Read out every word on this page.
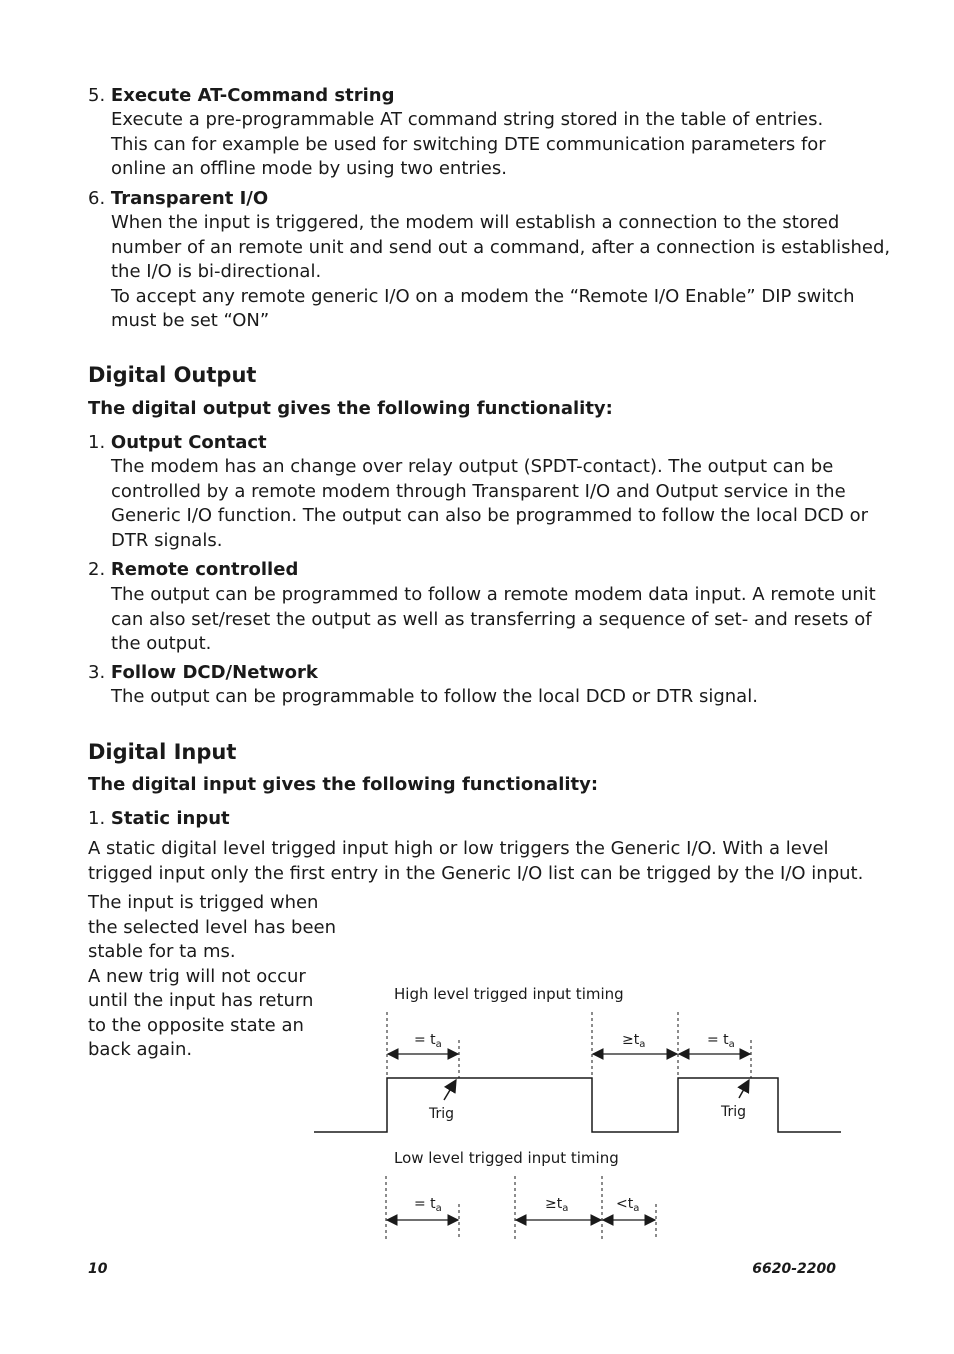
5. Execute AT-Command string
Execute a pre-programmable AT command string stored in the table of entries.
This can for example be used for switching DTE communication parameters for
online an offline mode by using two entries.
6. Transparent I/O
When the input is triggered, the modem will establish a connection to the stored
number of an remote unit and send out a command, after a connection is established,
the I/O is bi-directional.
To accept any remote generic I/O on a modem the “Remote I/O Enable” DIP switch
must be set “ON”
Digital Output
The digital output gives the following functionality:
1. Output Contact
The modem has an change over relay output (SPDT-contact). The output can be
controlled by a remote modem through Transparent I/O and Output service in the
Generic I/O function. The output can also be programmed to follow the local DCD or
DTR signals.
2. Remote controlled
The output can be programmed to follow a remote modem data input. A remote unit
can also set/reset the output as well as transferring a sequence of set- and resets of
the output.
3. Follow DCD/Network
The output can be programmable to follow the local DCD or DTR signal.
Digital Input
The digital input gives the following functionality:
1. Static input
A static digital level trigged input high or low triggers the Generic I/O. With a level
trigged input only the first entry in the Generic I/O list can be trigged by the I/O input.
The input is trigged when
the selected level has been
stable for ta ms.
A new trig will not occur
until the input has return
to the opposite state an
back again.
High level trigged input timing
= $t_a$	$\ge t_a$	= $t_a$
Trig	Trig
Low level trigged input timing
= $t_a$	$\ge t_a$	$<t_a$
10	6620-2200
